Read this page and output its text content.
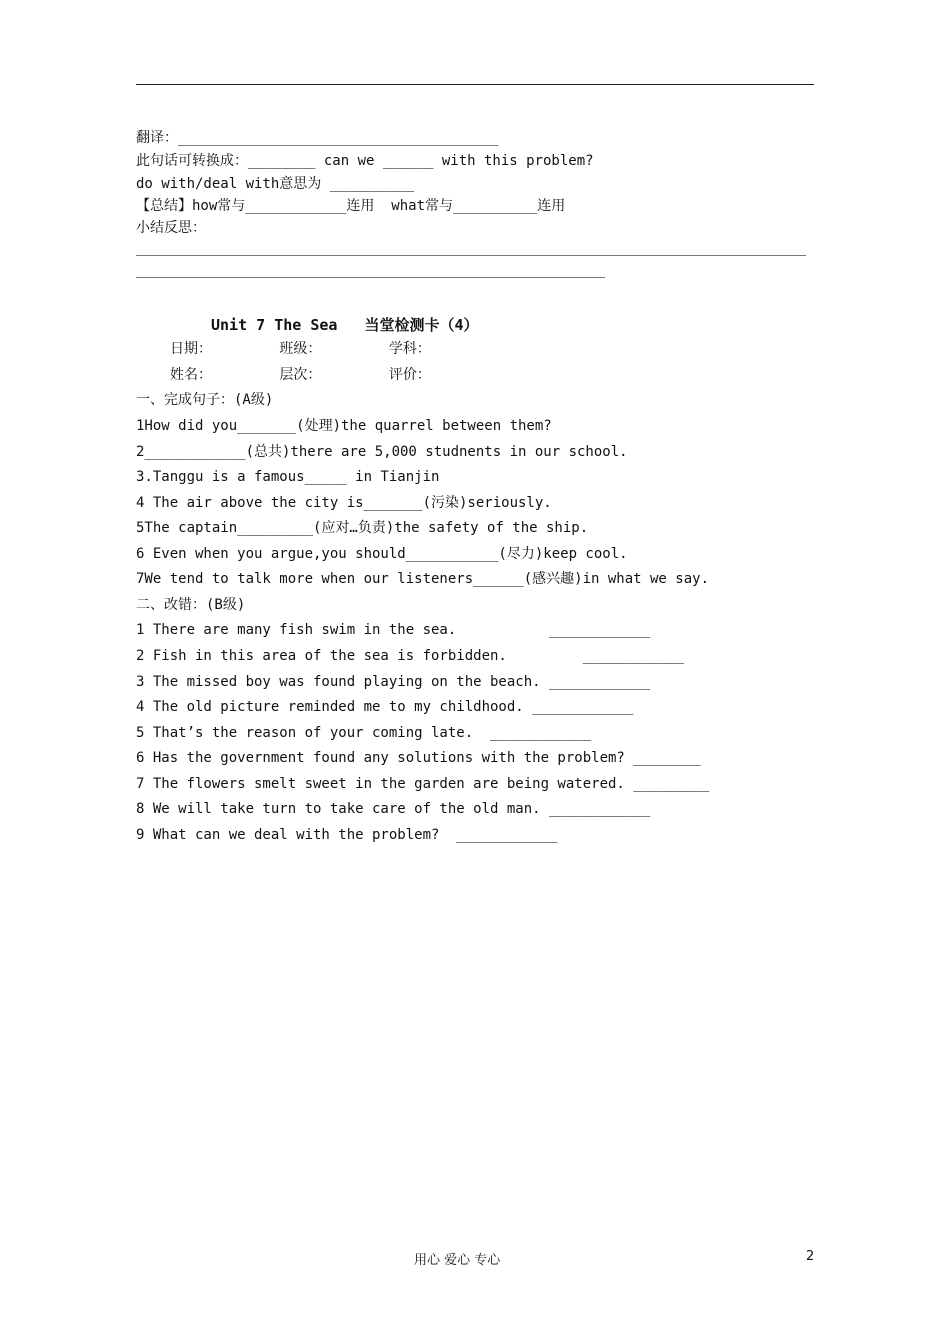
翻译：______________________________________
此句话可转换成：________ can we ______ with this problem?
do with/deal with意思为 __________
【总结】how常与____________连用  what常与__________连用
小结反思：
Unit 7 The Sea   当堂检测卡（4）
日期：        班级：        学科：
姓名：        层次：        评价：
一、完成句子：(A级)
1How did you_______(处理)the quarrel between them?
2____________(总共)there are 5,000 studnents in our school.
3.Tanggu is a famous_____ in Tianjin
4 The air above the city is_______(污染)seriously.
5The captain_________(应对…负责)the safety of the ship.
6 Even when you argue,you should___________(尽力)keep cool.
7We tend to talk more when our listeners______(感兴趣)in what we say.
二、改错：(B级)
1 There are many fish swim in the sea.           ____________
2 Fish in this area of the sea is forbidden.         ____________
3 The missed boy was found playing on the beach. ____________
4 The old picture reminded me to my childhood. ____________
5 That’s the reason of your coming late.  ____________
6 Has the government found any solutions with the problem? ________
7 The flowers smelt sweet in the garden are being watered. _________
8 We will take turn to take care of the old man. ____________
9 What can we deal with the problem?  ____________
用心 爱心 专心	2
